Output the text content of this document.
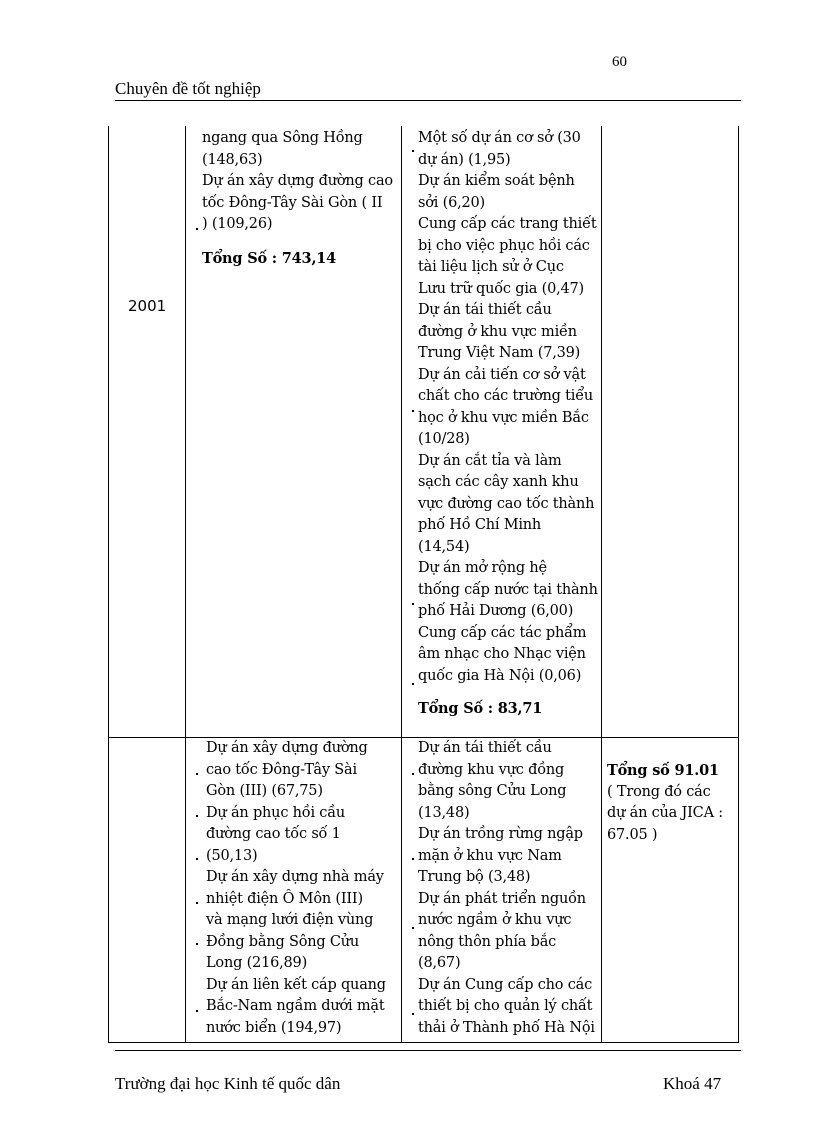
60
Chuyên đề tốt nghiệp
2001

ngang qua Sông Hồng

(148,63)

Dự án xây dựng đường cao

tốc Đông-Tây Sài Gòn ( II

) (109,26)

Tổng Số : 743,14

Một số dự án cơ sở (30

dự án) (1,95)

Dự án kiểm soát bệnh

sởi (6,20)

Cung cấp các trang thiết

bị cho việc phục hồi các

tài liệu lịch sử ở Cục

Lưu trữ quốc gia (0,47)

Dự án tái thiết cầu

đường ở khu vực miền

Trung Việt Nam (7,39)

Dự án cải tiến cơ sở vật

chất cho các trường tiểu

học ở khu vực miền Bắc

(10/28)

Dự án cắt tỉa và làm

sạch các cây xanh khu

vực đường cao tốc thành

phố Hồ Chí Minh

(14,54)

Dự án mở rộng hệ

thống cấp nước tại thành

phố Hải Dương (6,00)

Cung cấp các tác phẩm

âm nhạc cho Nhạc viện

quốc gia Hà Nội (0,06)

Tổng Số : 83,71

Dự án xây dựng đường

cao tốc Đông-Tây Sài

Gòn (III) (67,75)

Dự án phục hồi cầu

đường cao tốc số 1

(50,13)

Dự án xây dựng nhà máy

nhiệt điện Ô Môn (III)

và mạng lưới điện vùng

Đồng bằng Sông Cửu

Long (216,89)

Dự án liên kết cáp quang

Bắc-Nam ngầm dưới mặt

nước biển (194,97)

Dự án tái thiết cầu

đường khu vực đồng

bằng sông Cửu Long

(13,48)

Dự án trồng rừng ngập

mặn ở khu vực Nam

Trung bộ (3,48)

Dự án phát triển nguồn

nước ngầm ở khu vực

nông thôn phía bắc

(8,67)

Dự án Cung cấp cho các

thiết bị cho quản lý chất

thải ở Thành phố Hà Nội

Tổng số 91.01

( Trong đó các

dự án của JICA :

67.05 )

Trường đại học Kinh tế quốc dân	Khoá 47
